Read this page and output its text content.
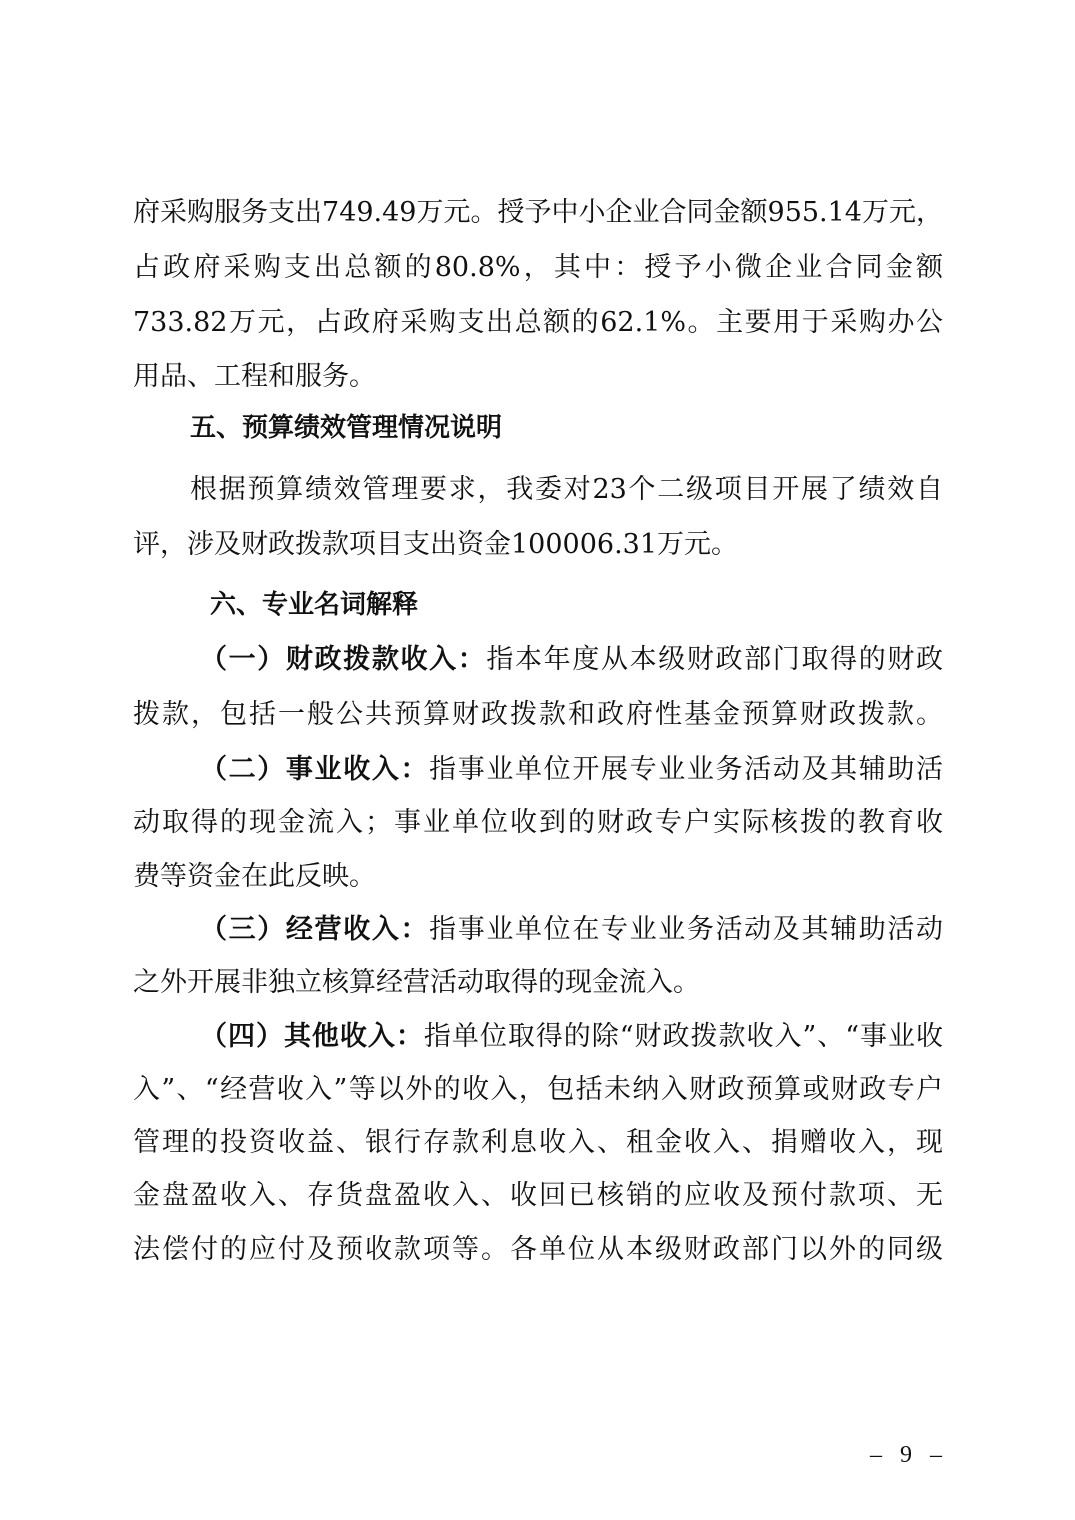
府采购服务支出749.49万元。授予中小企业合同金额955.14万元，
占政府采购支出总额的80.8%，其中：授予小微企业合同金额
733.82万元，占政府采购支出总额的62.1%。主要用于采购办公
用品、工程和服务。
五、预算绩效管理情况说明
根据预算绩效管理要求，我委对23个二级项目开展了绩效自
评，涉及财政拨款项目支出资金100006.31万元。
六、专业名词解释
（一）财政拨款收入：指本年度从本级财政部门取得的财政
拨款，包括一般公共预算财政拨款和政府性基金预算财政拨款。
（二）事业收入：指事业单位开展专业业务活动及其辅助活
动取得的现金流入；事业单位收到的财政专户实际核拨的教育收
费等资金在此反映。
（三）经营收入：指事业单位在专业业务活动及其辅助活动
之外开展非独立核算经营活动取得的现金流入。
（四）其他收入：指单位取得的除“财政拨款收入”、“事业收
入”、“经营收入”等以外的收入，包括未纳入财政预算或财政专户
管理的投资收益、银行存款利息收入、租金收入、捐赠收入，现
金盘盈收入、存货盘盈收入、收回已核销的应收及预付款项、无
法偿付的应付及预收款项等。各单位从本级财政部门以外的同级
– 9 –
